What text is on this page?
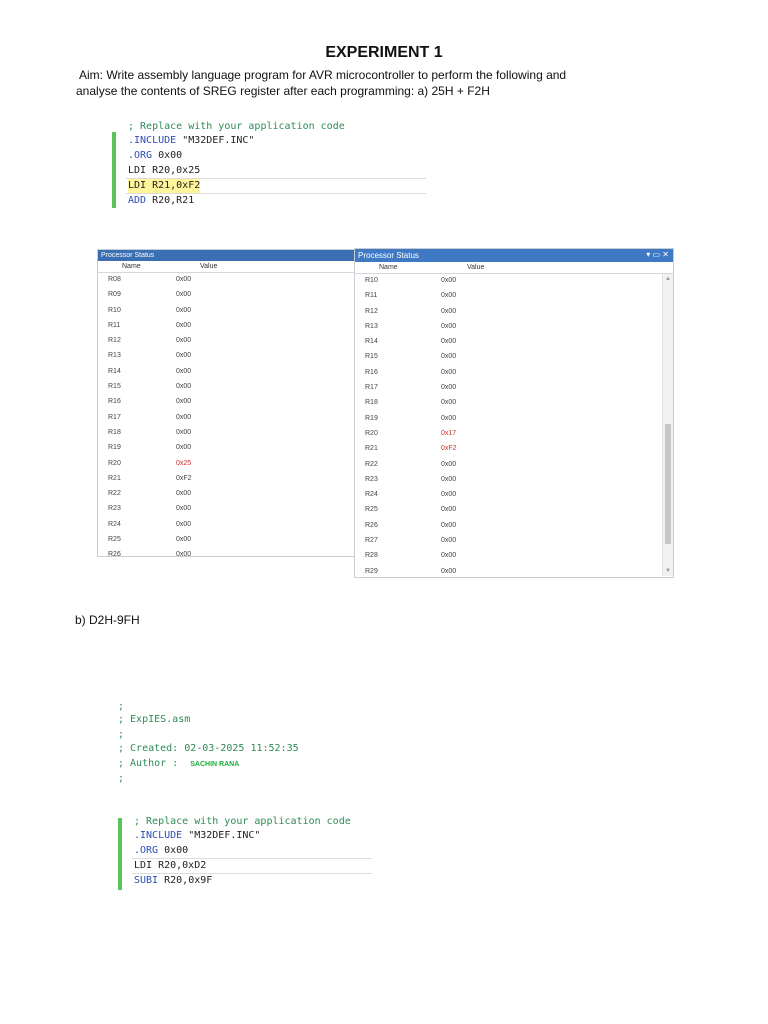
EXPERIMENT 1
Aim: Write assembly language program for AVR microcontroller to perform the following and
analyse the contents of SREG register after each programming: a) 25H + F2H
; Replace with your application code
.INCLUDE "M32DEF.INC"
.ORG 0x00
LDI R20,0x25
LDI R21,0xF2
ADD R20,R21
Processor Status
Name	Value
R08	0x00
R09	0x00
R10	0x00
R11	0x00
R12	0x00
R13	0x00
R14	0x00
R15	0x00
R16	0x00
R17	0x00
R18	0x00
R19	0x00
R20	0x25
R21	0xF2
R22	0x00
R23	0x00
R24	0x00
R25	0x00
R26	0x00
Processor Status	▾ ▭ ✕
Name	Value
R10	0x00
R11	0x00
R12	0x00
R13	0x00
R14	0x00
R15	0x00
R16	0x00
R17	0x00
R18	0x00
R19	0x00
R20	0x17
R21	0xF2
R22	0x00
R23	0x00
R24	0x00
R25	0x00
R26	0x00
R27	0x00
R28	0x00
R29	0x00
▲
▼
b) D2H-9FH
;
; ExpIES.asm
;
; Created: 02-03-2025 11:52:35
; Author :  SACHIN RANA
;
; Replace with your application code
.INCLUDE "M32DEF.INC"
.ORG 0x00
LDI R20,0xD2
SUBI R20,0x9F
